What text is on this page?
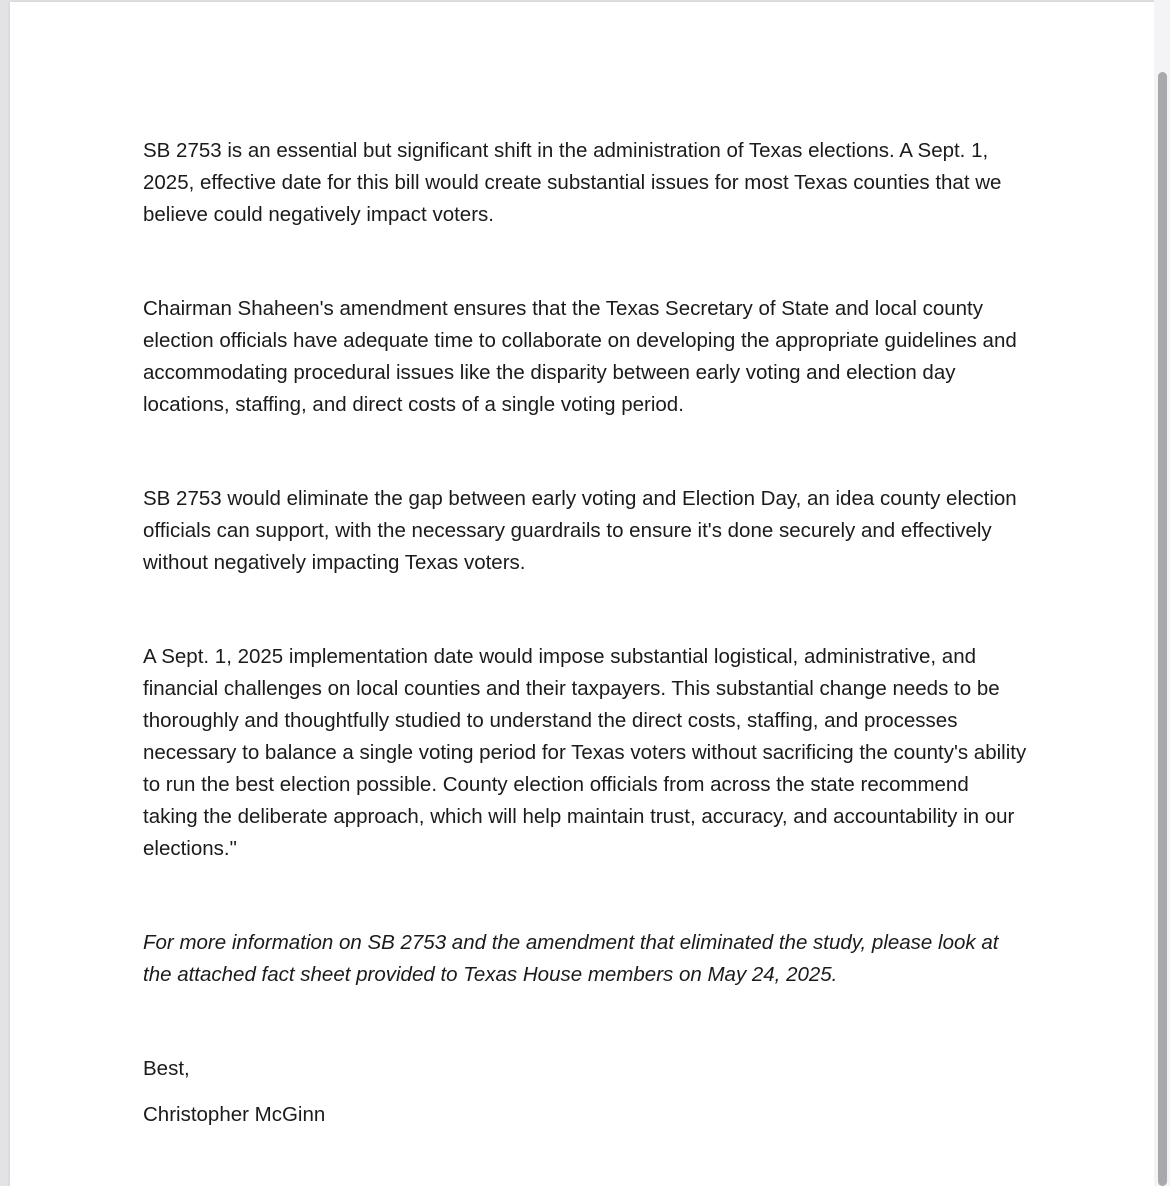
SB 2753 is an essential but significant shift in the administration of Texas elections. A Sept. 1, 2025, effective date for this bill would create substantial issues for most Texas counties that we believe could negatively impact voters.

Chairman Shaheen's amendment ensures that the Texas Secretary of State and local county election officials have adequate time to collaborate on developing the appropriate guidelines and accommodating procedural issues like the disparity between early voting and election day locations, staffing, and direct costs of a single voting period.

SB 2753 would eliminate the gap between early voting and Election Day, an idea county election officials can support, with the necessary guardrails to ensure it's done securely and effectively without negatively impacting Texas voters.

A Sept. 1, 2025 implementation date would impose substantial logistical, administrative, and financial challenges on local counties and their taxpayers. This substantial change needs to be thoroughly and thoughtfully studied to understand the direct costs, staffing, and processes necessary to balance a single voting period for Texas voters without sacrificing the county's ability to run the best election possible. County election officials from across the state recommend taking the deliberate approach, which will help maintain trust, accuracy, and accountability in our elections."

For more information on SB 2753 and the amendment that eliminated the study, please look at the attached fact sheet provided to Texas House members on May 24, 2025.

Best,

Christopher McGinn
